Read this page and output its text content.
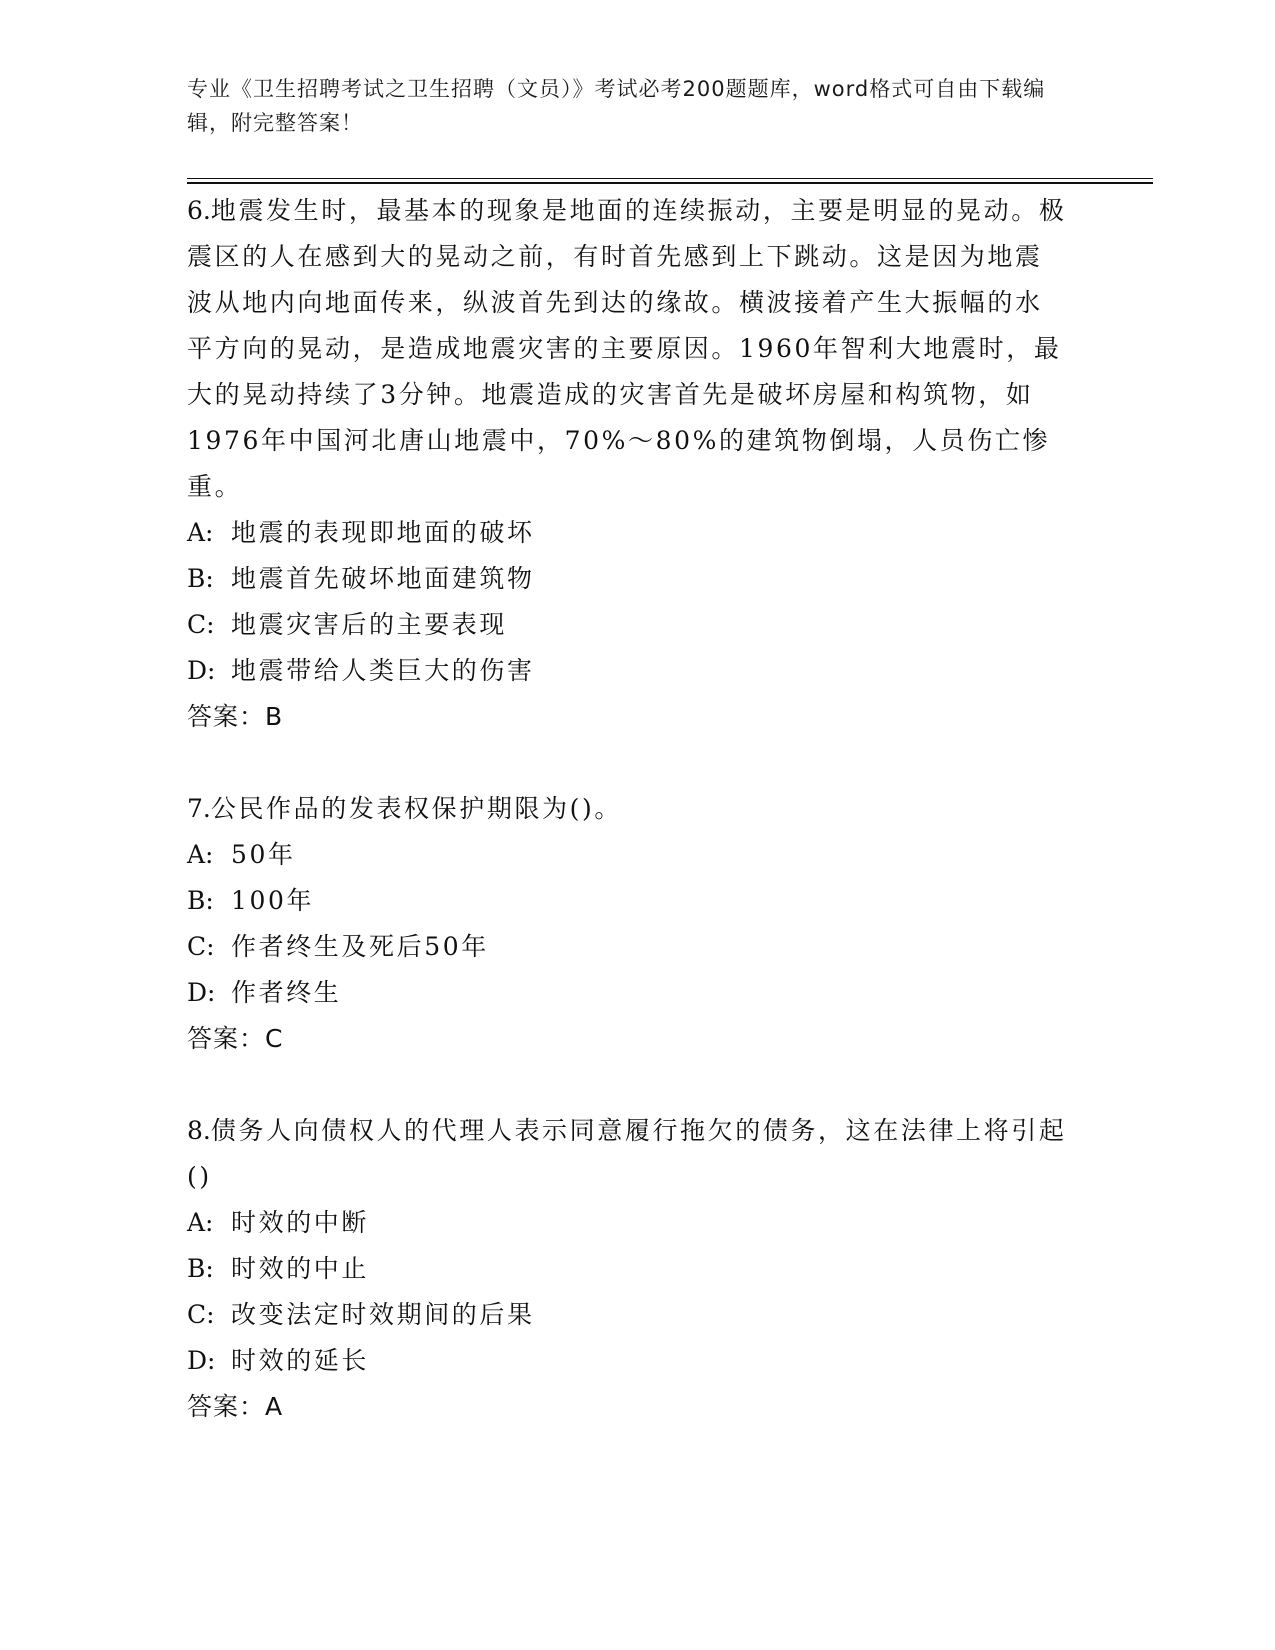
专业《卫生招聘考试之卫生招聘（文员）》考试必考200题题库，word格式可自由下载编辑，附完整答案！

6.地震发生时，最基本的现象是地面的连续振动，主要是明显的晃动。极震区的人在感到大的晃动之前，有时首先感到上下跳动。这是因为地震波从地内向地面传来，纵波首先到达的缘故。横波接着产生大振幅的水平方向的晃动，是造成地震灾害的主要原因。1960年智利大地震时，最大的晃动持续了3分钟。地震造成的灾害首先是破坏房屋和构筑物，如1976年中国河北唐山地震中，70%～80%的建筑物倒塌，人员伤亡惨重。

A: 地震的表现即地面的破坏

B: 地震首先破坏地面建筑物

C: 地震灾害后的主要表现

D: 地震带给人类巨大的伤害

答案：B

7.公民作品的发表权保护期限为()。

A: 50年

B: 100年

C: 作者终生及死后50年

D: 作者终生

答案：C

8.债务人向债权人的代理人表示同意履行拖欠的债务，这在法律上将引起()

A: 时效的中断

B: 时效的中止

C: 改变法定时效期间的后果

D: 时效的延长

答案：A
